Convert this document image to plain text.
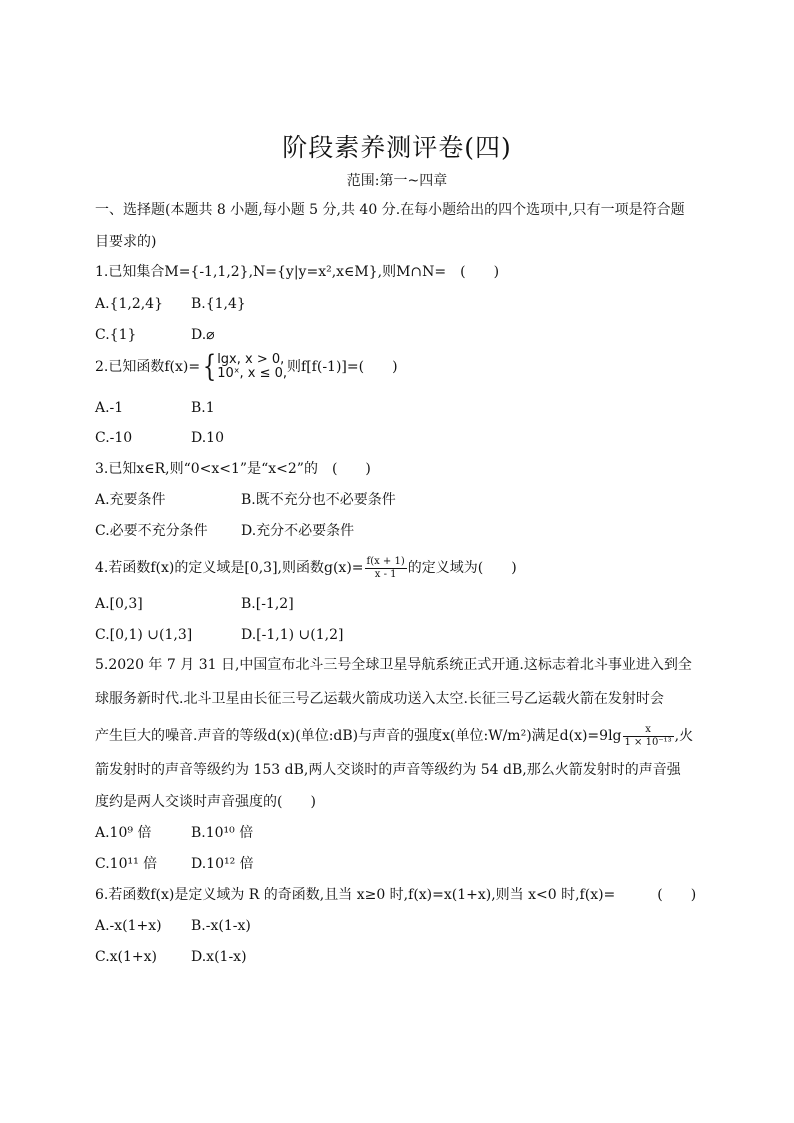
阶段素养测评卷(四)
范围:第一~四章
一、选择题(本题共 8 小题,每小题 5 分,共 40 分.在每小题给出的四个选项中,只有一项是符合题
目要求的)
1.已知集合M={-1,1,2},N={y|y=x²,x∈M},则M∩N=　(　　)
A.{1,2,4} B.{1,4}
C.{1}	D.⌀
2.已知函数f(x)={ lgx, x > 0,
10ˣ, x ≤ 0, 则f[f(-1)]=(　　)
A.-1	B.1
C.-10	D.10
3.已知x∈R,则“0<x<1”是“x<2”的　(　　)
A.充要条件	B.既不充分也不必要条件
C.必要不充分条件 D.充分不必要条件
4.若函数f(x)的定义域是[0,3],则函数$g(x)= \frac{f(x + 1)}{x - 1}$ 的定义域为(　　)
A.[0,3]	B.[-1,2]
C.[0,1) ∪(1,3]	D.[-1,1) ∪(1,2]
5.2020 年 7 月 31 日,中国宣布北斗三号全球卫星导航系统正式开通.这标志着北斗事业进入到全
球服务新时代.北斗卫星由长征三号乙运载火箭成功送入太空.长征三号乙运载火箭在发射时会
产生巨大的噪音.声音的等级d(x)(单位:dB)与声音的强度x(单位:W/m²)满足$d(x)=9\lg \frac{x}{\text{1 × 10⁻¹³}}$ ,火
箭发射时的声音等级约为 153 dB,两人交谈时的声音等级约为 54 dB,那么火箭发射时的声音强
度约是两人交谈时声音强度的(　　)
A.10⁹ 倍	B.10¹⁰ 倍
C.10¹¹ 倍 D.10¹² 倍
6.若函数f(x)是定义域为 R 的奇函数,且当 x≥0 时,f(x)=x(1+x),则当 x<0 时,f(x)=　　　(　　)
A.-x(1+x) B.-x(1-x)
C.x(1+x) D.x(1-x)
